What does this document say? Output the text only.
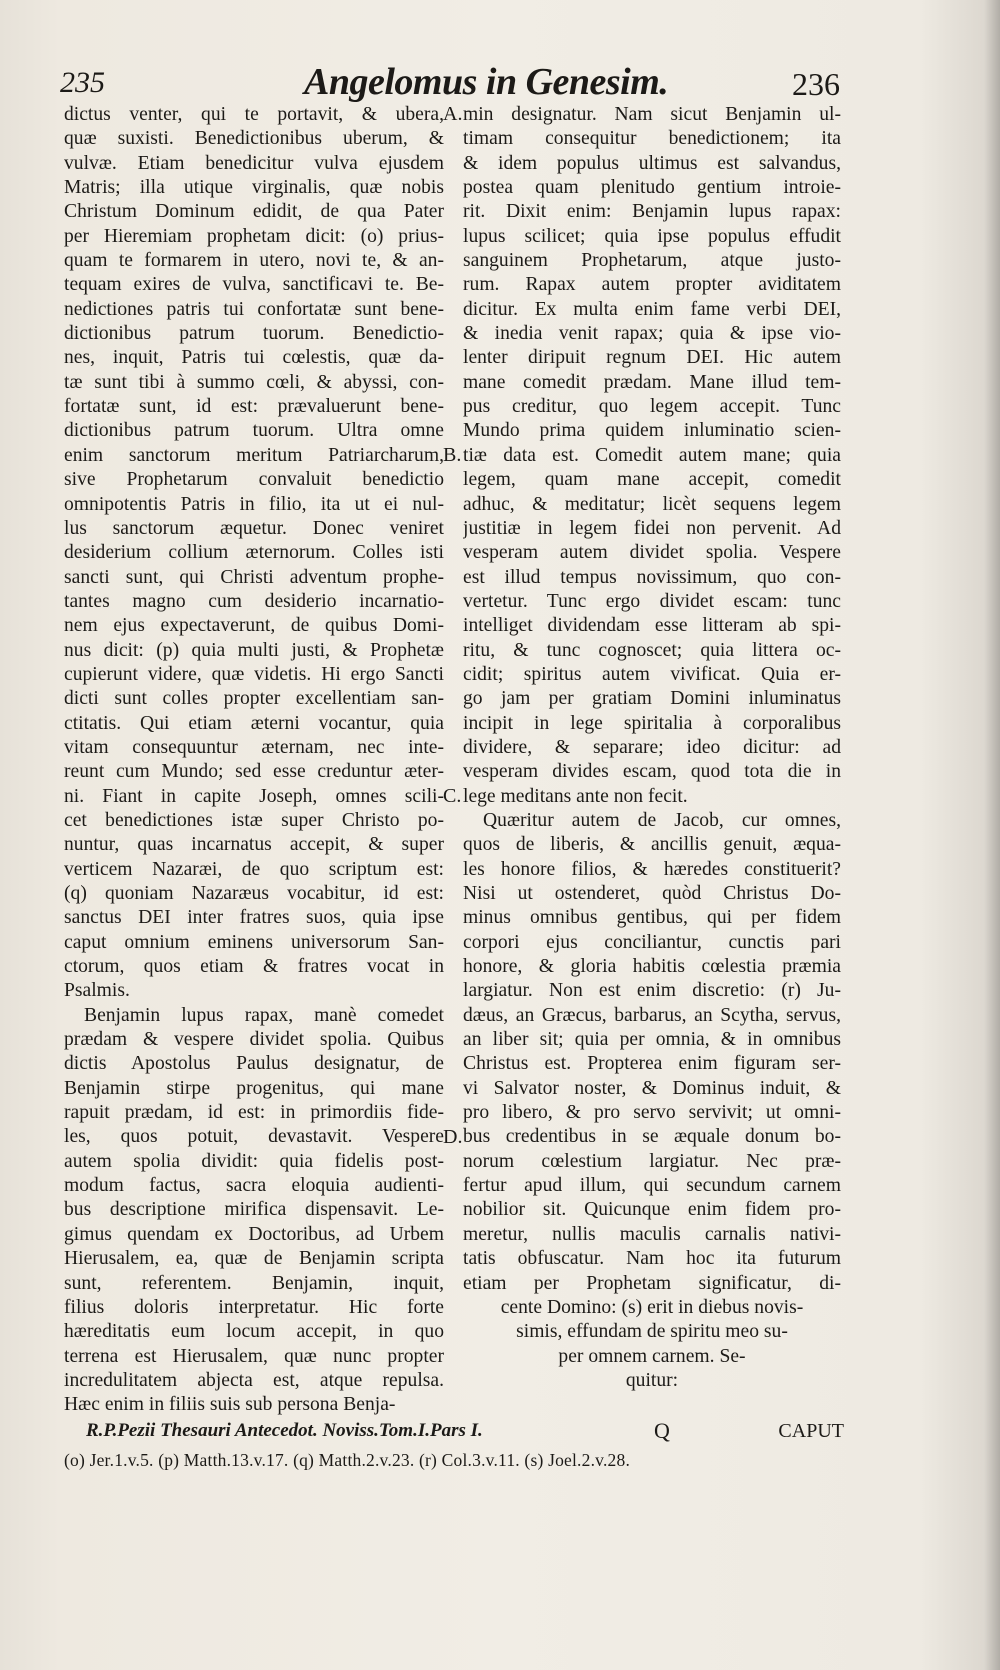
235	Angelomus in Genesim.	236
dictus venter, qui te portavit, & ubera,
quæ suxisti. Benedictionibus uberum, &
vulvæ. Etiam benedicitur vulva ejusdem
Matris; illa utique virginalis, quæ nobis
Christum Dominum edidit, de qua Pater
per Hieremiam prophetam dicit: (o) prius-
quam te formarem in utero, novi te, & an-
tequam exires de vulva, sanctificavi te. Be-
nedictiones patris tui confortatæ sunt bene-
dictionibus patrum tuorum. Benedictio-
nes, inquit, Patris tui cœlestis, quæ da-
tæ sunt tibi à summo cœli, & abyssi, con-
fortatæ sunt, id est: prævaluerunt bene-
dictionibus patrum tuorum. Ultra omne
enim sanctorum meritum Patriarcharum,
sive Prophetarum convaluit benedictio
omnipotentis Patris in filio, ita ut ei nul-
lus sanctorum æquetur. Donec veniret
desiderium collium æternorum. Colles isti
sancti sunt, qui Christi adventum prophe-
tantes magno cum desiderio incarnatio-
nem ejus expectaverunt, de quibus Domi-
nus dicit: (p) quia multi justi, & Prophetæ
cupierunt videre, quæ videtis. Hi ergo Sancti
dicti sunt colles propter excellentiam san-
ctitatis. Qui etiam æterni vocantur, quia
vitam consequuntur æternam, nec inte-
reunt cum Mundo; sed esse creduntur æter-
ni. Fiant in capite Joseph, omnes scili-
cet benedictiones istæ super Christo po-
nuntur, quas incarnatus accepit, & super
verticem Nazaræi, de quo scriptum est:
(q) quoniam Nazaræus vocabitur, id est:
sanctus DEI inter fratres suos, quia ipse
caput omnium eminens universorum San-
ctorum, quos etiam & fratres vocat in
Psalmis.
Benjamin lupus rapax, manè comedet
prædam & vespere dividet spolia. Quibus
dictis Apostolus Paulus designatur, de
Benjamin stirpe progenitus, qui mane
rapuit prædam, id est: in primordiis fide-
les, quos potuit, devastavit. Vespere
autem spolia dividit: quia fidelis post-
modum factus, sacra eloquia audienti-
bus descriptione mirifica dispensavit. Le-
gimus quendam ex Doctoribus, ad Urbem
Hierusalem, ea, quæ de Benjamin scripta
sunt, referentem. Benjamin, inquit,
filius doloris interpretatur. Hic forte
hæreditatis eum locum accepit, in quo
terrena est Hierusalem, quæ nunc propter
incredulitatem abjecta est, atque repulsa.
Hæc enim in filiis suis sub persona Benja-
min designatur. Nam sicut Benjamin ul-
timam consequitur benedictionem; ita
& idem populus ultimus est salvandus,
postea quam plenitudo gentium introie-
rit. Dixit enim: Benjamin lupus rapax:
lupus scilicet; quia ipse populus effudit
sanguinem Prophetarum, atque justo-
rum. Rapax autem propter aviditatem
dicitur. Ex multa enim fame verbi DEI,
& inedia venit rapax; quia & ipse vio-
lenter diripuit regnum DEI. Hic autem
mane comedit prædam. Mane illud tem-
pus creditur, quo legem accepit. Tunc
Mundo prima quidem inluminatio scien-
tiæ data est. Comedit autem mane; quia
legem, quam mane accepit, comedit
adhuc, & meditatur; licèt sequens legem
justitiæ in legem fidei non pervenit. Ad
vesperam autem dividet spolia. Vespere
est illud tempus novissimum, quo con-
vertetur. Tunc ergo dividet escam: tunc
intelliget dividendam esse litteram ab spi-
ritu, & tunc cognoscet; quia littera oc-
cidit; spiritus autem vivificat. Quia er-
go jam per gratiam Domini inluminatus
incipit in lege spiritalia à corporalibus
dividere, & separare; ideo dicitur: ad
vesperam divides escam, quod tota die in
lege meditans ante non fecit.
Quæritur autem de Jacob, cur omnes,
quos de liberis, & ancillis genuit, æqua-
les honore filios, & hæredes constituerit?
Nisi ut ostenderet, quòd Christus Do-
minus omnibus gentibus, qui per fidem
corpori ejus conciliantur, cunctis pari
honore, & gloria habitis cœlestia præmia
largiatur. Non est enim discretio: (r) Ju-
dæus, an Græcus, barbarus, an Scytha, servus,
an liber sit; quia per omnia, & in omnibus
Christus est. Propterea enim figuram ser-
vi Salvator noster, & Dominus induit, &
pro libero, & pro servo servivit; ut omni-
bus credentibus in se æquale donum bo-
norum cœlestium largiatur. Nec præ-
fertur apud illum, qui secundum carnem
nobilior sit. Quicunque enim fidem pro-
meretur, nullis maculis carnalis nativi-
tatis obfuscatur. Nam hoc ita futurum
etiam per Prophetam significatur, di-
cente Domino: (s) erit in diebus novis-
simis, effundam de spiritu meo su-
per omnem carnem. Se-
quitur:
A.
B.
C.
D.
R.P.Pezii Thesauri Antecedot. Noviss.Tom.I.Pars I.	Q	CAPUT
(o) Jer.1.v.5. (p) Matth.13.v.17. (q) Matth.2.v.23. (r) Col.3.v.11. (s) Joel.2.v.28.
